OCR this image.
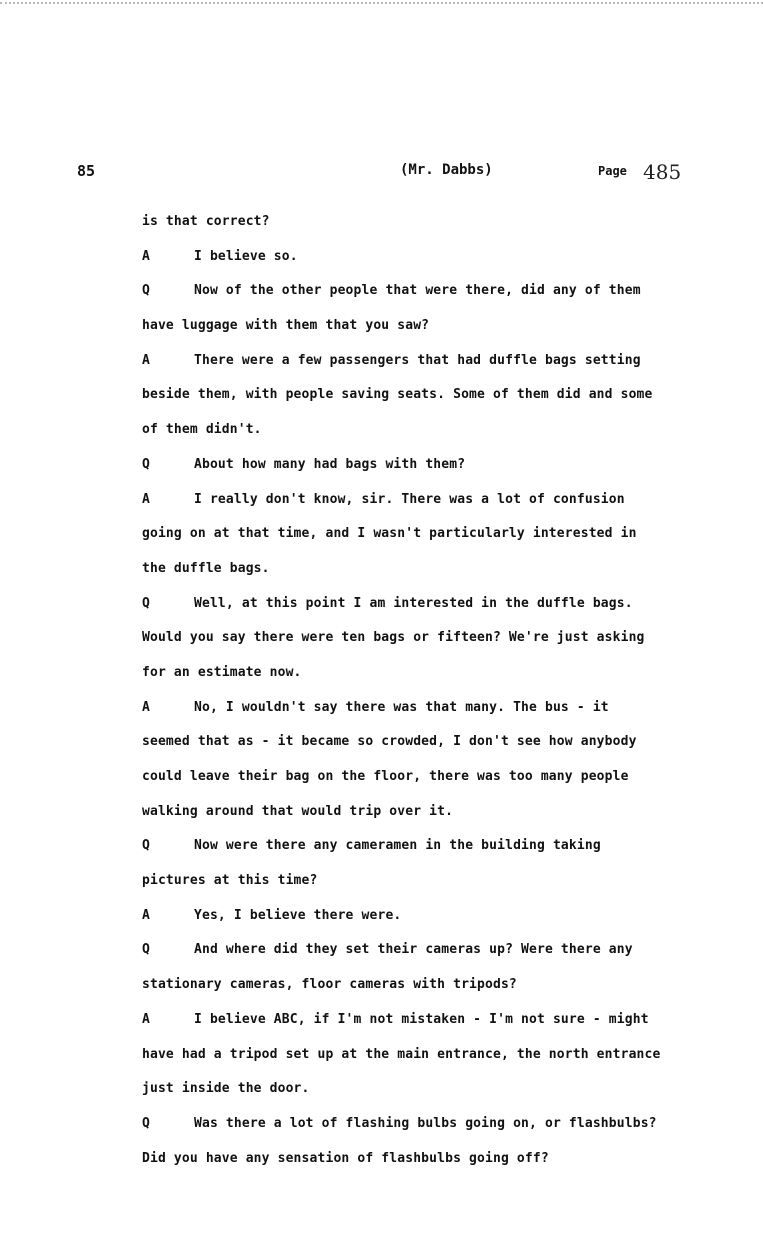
85	(Mr. Dabbs)	Page 485
is that correct?
A	I believe so.
Q	Now of the other people that were there, did any of them
have luggage with them that you saw?
A	There were a few passengers that had duffle bags setting
beside them, with people saving seats. Some of them did and some
of them didn't.
Q	About how many had bags with them?
A	I really don't know, sir. There was a lot of confusion
going on at that time, and I wasn't particularly interested in
the duffle bags.
Q	Well, at this point I am interested in the duffle bags.
Would you say there were ten bags or fifteen? We're just asking
for an estimate now.
A	No, I wouldn't say there was that many. The bus - it
seemed that as - it became so crowded, I don't see how anybody
could leave their bag on the floor, there was too many people
walking around that would trip over it.
Q	Now were there any cameramen in the building taking
pictures at this time?
A	Yes, I believe there were.
Q	And where did they set their cameras up? Were there any
stationary cameras, floor cameras with tripods?
A	I believe ABC, if I'm not mistaken - I'm not sure - might
have had a tripod set up at the main entrance, the north entrance
just inside the door.
Q	Was there a lot of flashing bulbs going on, or flashbulbs?
Did you have any sensation of flashbulbs going off?
